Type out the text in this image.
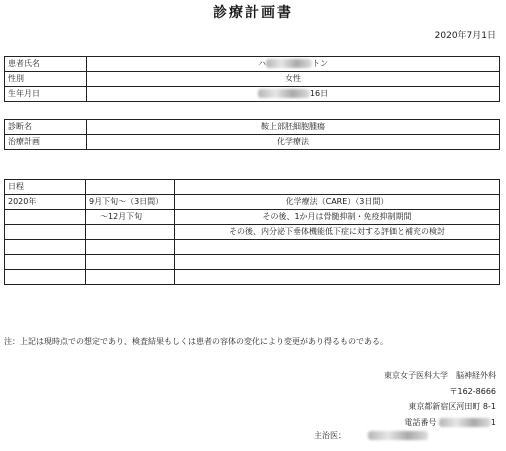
診療計画書
2020年7月1日
患者氏名	ハ トン
性別	女性
生年月日	16日
診断名	鞍上部胚細胞腫瘍
治療計画	化学療法
日程		
2020年	9月下旬〜（3日間）	化学療法（CARE）（3日間）
	〜12月下旬	その後、1か月は骨髄抑制・免疫抑制期間
		その後、内分泌下垂体機能低下症に対する評価と補充の検討

注：上記は現時点での想定であり、検査結果もしくは患者の容体の変化により変更があり得るものである。
東京女子医科大学　脳神経外科
〒162-8666
東京都新宿区河田町 8-1
電話番号	1
主治医：
